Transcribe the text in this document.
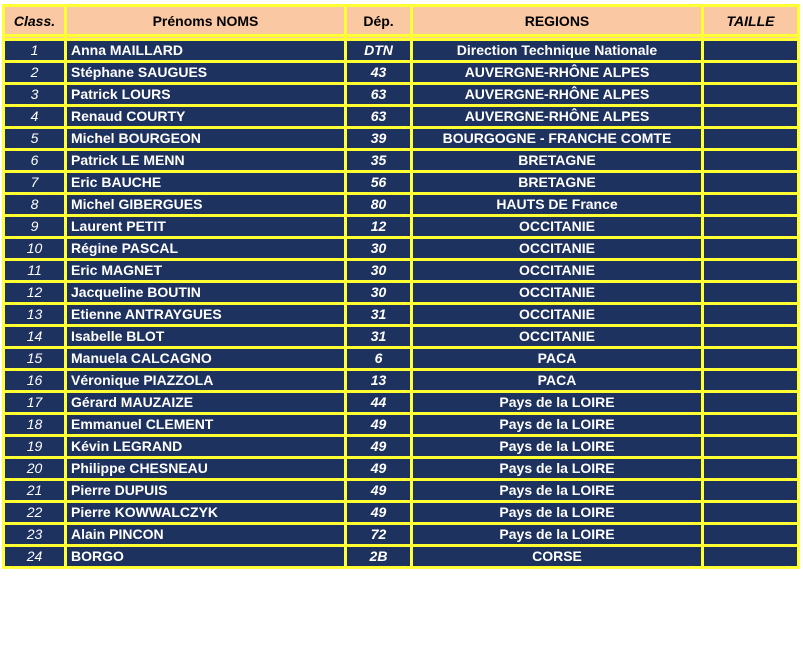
Class.	Prénoms NOMS	Dép.	REGIONS	TAILLE

1	Anna MAILLARD	DTN	Direction Technique Nationale	
2	Stéphane SAUGUES	43	AUVERGNE-RHÔNE ALPES	
3	Patrick LOURS	63	AUVERGNE-RHÔNE ALPES	
4	Renaud COURTY	63	AUVERGNE-RHÔNE ALPES	
5	Michel BOURGEON	39	BOURGOGNE - FRANCHE COMTE	
6	Patrick LE MENN	35	BRETAGNE	
7	Eric BAUCHE	56	BRETAGNE	
8	Michel GIBERGUES	80	HAUTS DE France	
9	Laurent PETIT	12	OCCITANIE	
10	Régine PASCAL	30	OCCITANIE	
11	Eric MAGNET	30	OCCITANIE	
12	Jacqueline BOUTIN	30	OCCITANIE	
13	Etienne ANTRAYGUES	31	OCCITANIE	
14	Isabelle BLOT	31	OCCITANIE	
15	Manuela CALCAGNO	6	PACA	
16	Véronique PIAZZOLA	13	PACA	
17	Gérard MAUZAIZE	44	Pays de la LOIRE	
18	Emmanuel CLEMENT	49	Pays de la LOIRE	
19	Kévin LEGRAND	49	Pays de la LOIRE	
20	Philippe CHESNEAU	49	Pays de la LOIRE	
21	Pierre DUPUIS	49	Pays de la LOIRE	
22	Pierre KOWWALCZYK	49	Pays de la LOIRE	
23	Alain PINCON	72	Pays de la LOIRE	
24	BORGO	2B	CORSE	
